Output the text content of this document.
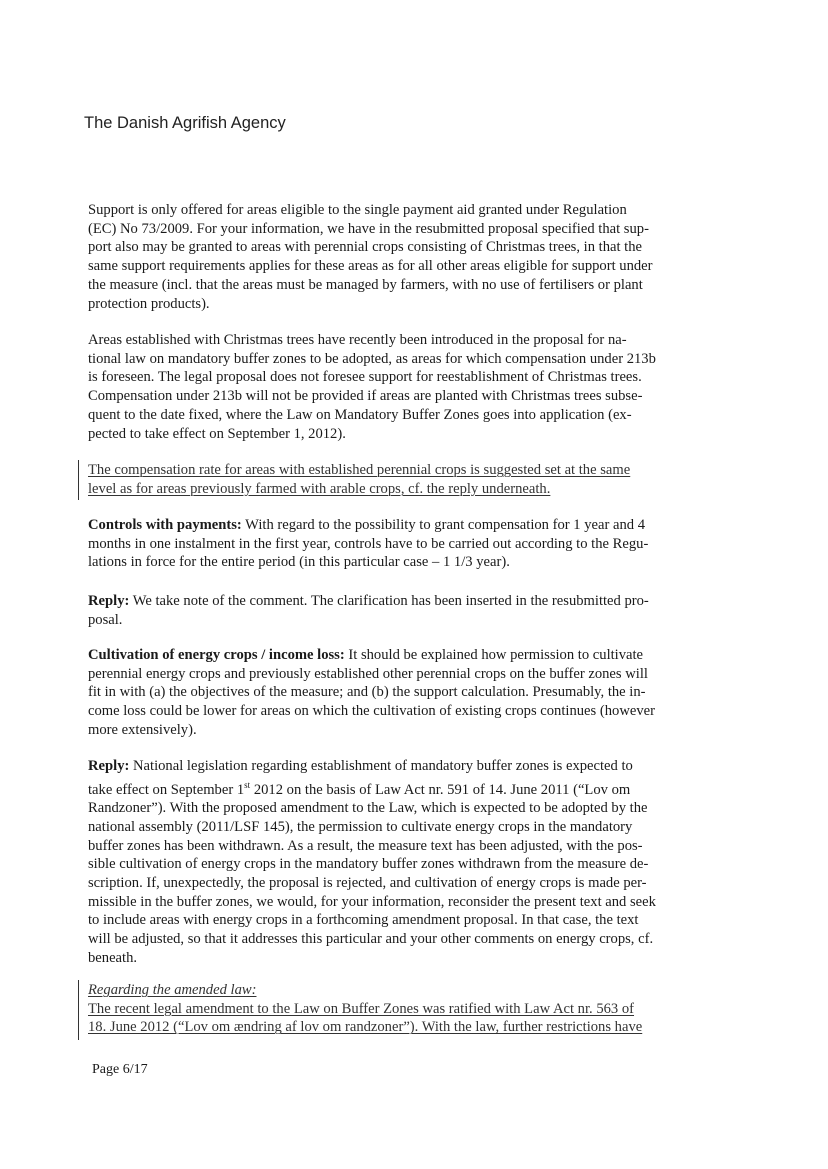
The Danish Agrifish Agency
Support is only offered for areas eligible to the single payment aid granted under Regulation
(EC) No 73/2009. For your information, we have in the resubmitted proposal specified that sup-
port also may be granted to areas with perennial crops consisting of Christmas trees, in that the
same support requirements applies for these areas as for all other areas eligible for support under
the measure (incl. that the areas must be managed by farmers, with no use of fertilisers or plant
protection products).
Areas established with Christmas trees have recently been introduced in the proposal for na-
tional law on mandatory buffer zones to be adopted, as areas for which compensation under 213b
is foreseen. The legal proposal does not foresee support for reestablishment of Christmas trees.
Compensation under 213b will not be provided if areas are planted with Christmas trees subse-
quent to the date fixed, where the Law on Mandatory Buffer Zones goes into application (ex-
pected to take effect on September 1, 2012).
The compensation rate for areas with established perennial crops is suggested set at the same
level as for areas previously farmed with arable crops, cf. the reply underneath.
Controls with payments: With regard to the possibility to grant compensation for 1 year and 4
months in one instalment in the first year, controls have to be carried out according to the Regu-
lations in force for the entire period (in this particular case – 1 1/3 year).
Reply: We take note of the comment. The clarification has been inserted in the resubmitted pro-
posal.
Cultivation of energy crops / income loss: It should be explained how permission to cultivate
perennial energy crops and previously established other perennial crops on the buffer zones will
fit in with (a) the objectives of the measure; and (b) the support calculation. Presumably, the in-
come loss could be lower for areas on which the cultivation of existing crops continues (however
more extensively).
Reply: National legislation regarding establishment of mandatory buffer zones is expected to
take effect on September 1st 2012 on the basis of Law Act nr. 591 of 14. June 2011 (“Lov om
Randzoner”). With the proposed amendment to the Law, which is expected to be adopted by the
national assembly (2011/LSF 145), the permission to cultivate energy crops in the mandatory
buffer zones has been withdrawn. As a result, the measure text has been adjusted, with the pos-
sible cultivation of energy crops in the mandatory buffer zones withdrawn from the measure de-
scription. If, unexpectedly, the proposal is rejected, and cultivation of energy crops is made per-
missible in the buffer zones, we would, for your information, reconsider the present text and seek
to include areas with energy crops in a forthcoming amendment proposal. In that case, the text
will be adjusted, so that it addresses this particular and your other comments on energy crops, cf.
beneath.
Regarding the amended law:
The recent legal amendment to the Law on Buffer Zones was ratified with Law Act nr. 563 of
18. June 2012 (“Lov om ændring af lov om randzoner”). With the law, further restrictions have
Page 6/17
